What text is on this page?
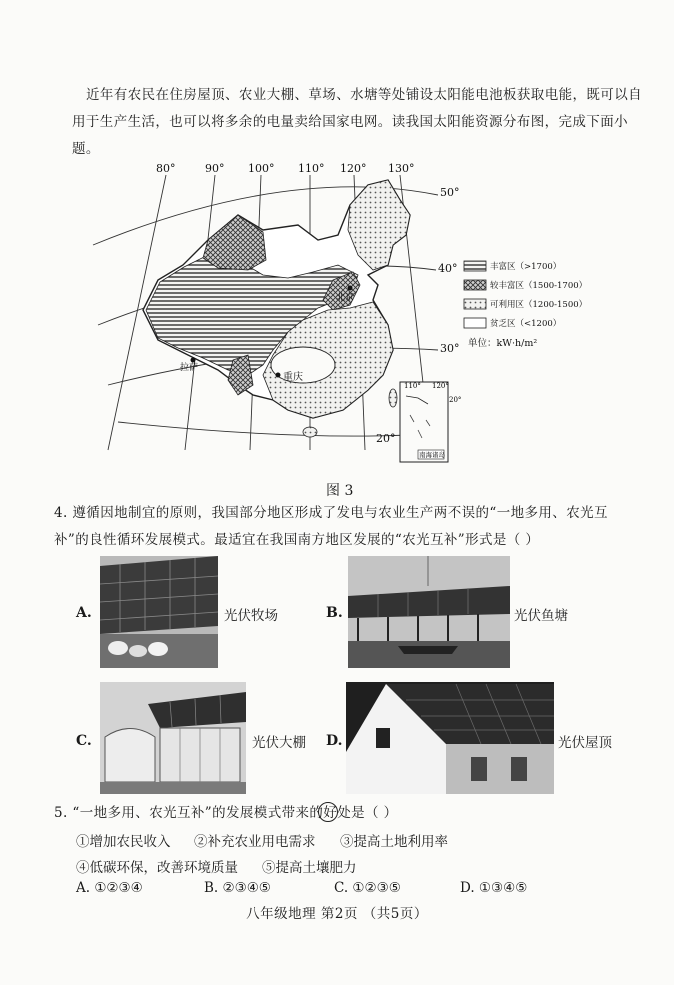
近年有农民在住房屋顶、农业大棚、草场、水塘等处铺设太阳能电池板获取电能，既可以自用于生产生活，也可以将多余的电量卖给国家电网。读我国太阳能资源分布图，完成下面小题。
重庆
北京
拉萨
80°	90° 100° 110° 120° 130°
50°
40°
30°
20°
丰富区（>1700）
较丰富区（1500-1700）
可利用区（1200-1500）
贫乏区（<1200）
单位：kW·h/m²
110° 120°
20°
南海诸岛
图 3
4. 遵循因地制宜的原则，我国部分地区形成了发电与农业生产两不误的“一地多用、农光互补”的良性循环发展模式。最适宜在我国南方地区发展的“农光互补”形式是（ ）
A.	光伏牧场	B.	光伏鱼塘
C.	光伏大棚 D.	光伏屋顶
5. “一地多用、农光互补”的发展模式带来的好处是（ ）
①增加农民收入 ②补充农业用电需求 ③提高土地利用率
④低碳环保，改善环境质量 ⑤提高土壤肥力
A. ①②③④	B. ②③④⑤	C. ①②③⑤	D. ①③④⑤
八年级地理 第2页 （共5页）
